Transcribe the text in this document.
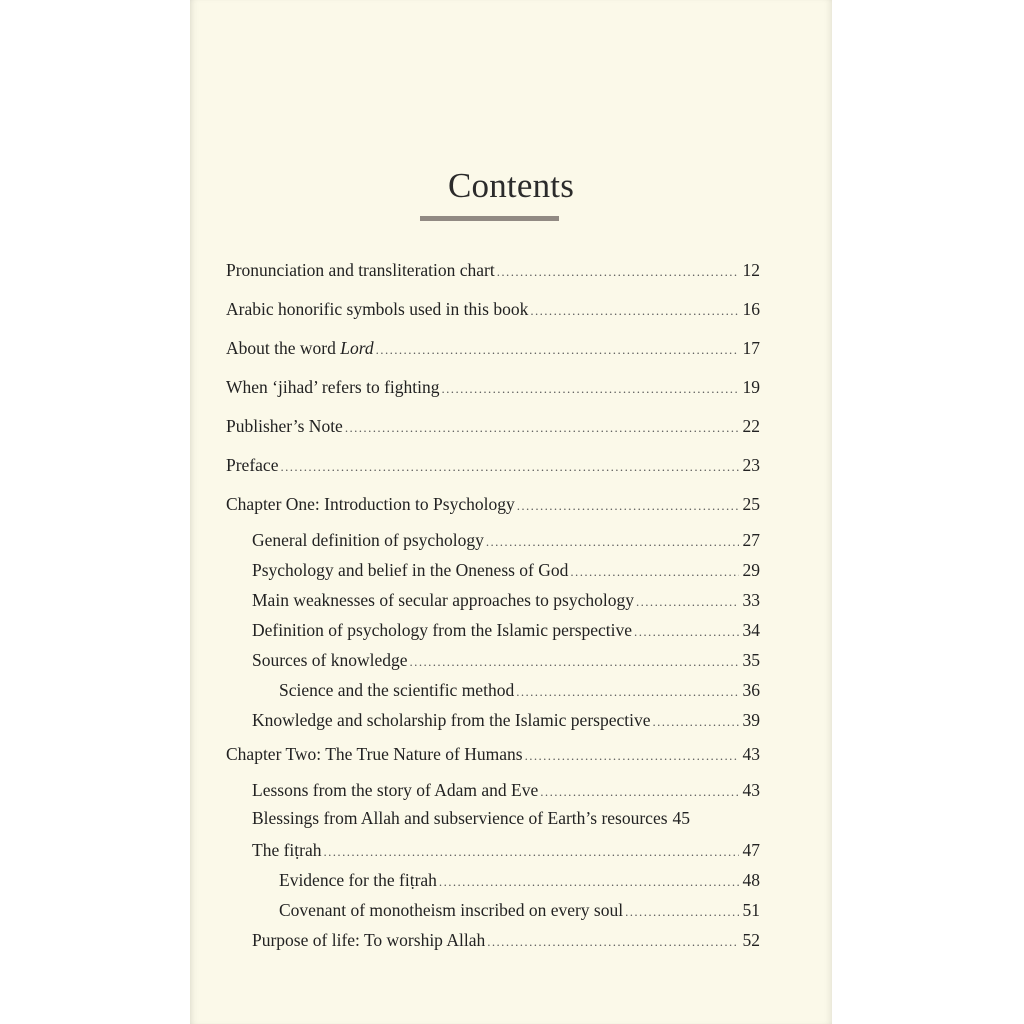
Contents
Pronunciation and transliteration chart .....	12
Arabic honorific symbols used in this book .....	16
About the word Lord .....	17
When ‘jihad’ refers to fighting .....	19
Publisher’s Note .....	22
Preface .....	23
Chapter One: Introduction to Psychology .....	25
General definition of psychology .....	27
Psychology and belief in the Oneness of God .....	29
Main weaknesses of secular approaches to psychology .....	33
Definition of psychology from the Islamic perspective .....	34
Sources of knowledge .....	35
Science and the scientific method .....	36
Knowledge and scholarship from the Islamic perspective .....	39
Chapter Two: The True Nature of Humans .....	43
Lessons from the story of Adam and Eve .....	43
Blessings from Allah and subservience of Earth’s resources 45
The fiṭrah .....	47
Evidence for the fiṭrah .....	48
Covenant of monotheism inscribed on every soul .....	51
Purpose of life: To worship Allah .....	52
